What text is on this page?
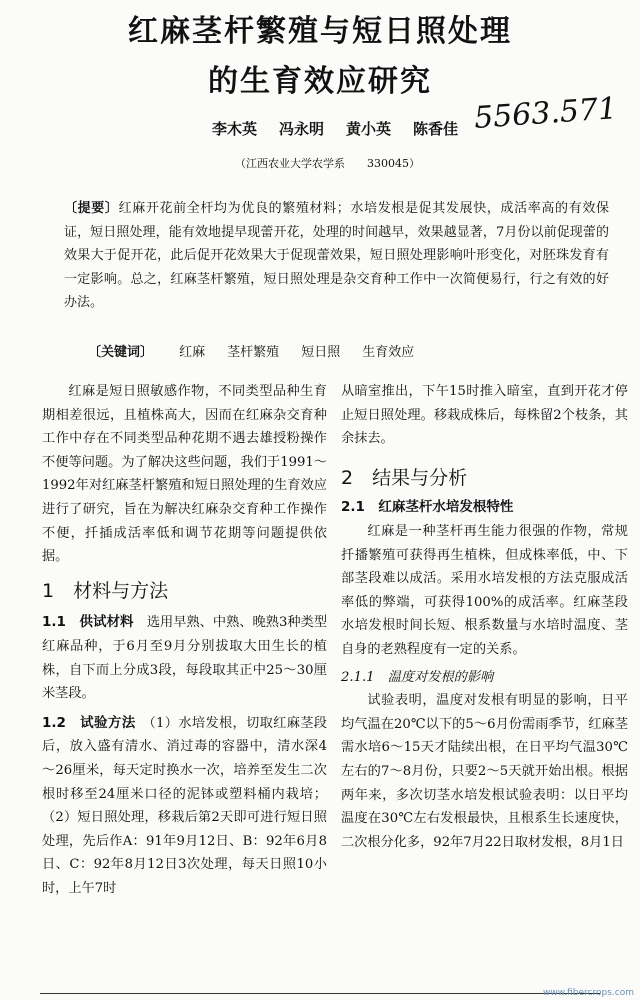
红麻茎杆繁殖与短日照处理
的生育效应研究
李木英 冯永明 黄小英 陈香佳 5563.571
（江西农业大学农学系　　330045）
〔提要〕红麻开花前全杆均为优良的繁殖材料；水培发根是促其发展快，成活率高的有效保证，短日照处理，能有效地提早现蕾开花，处理的时间越早，效果越显著，7月份以前促现蕾的效果大于促开花，此后促开花效果大于促现蕾效果，短日照处理影响叶形变化，对胚珠发育有一定影响。总之，红麻茎杆繁殖，短日照处理是杂交育种工作中一次简便易行，行之有效的好办法。
〔关键词〕 红麻 茎杆繁殖 短日照 生育效应
红麻是短日照敏感作物，不同类型品种生育期相差很远，且植株高大，因而在红麻杂交育种工作中存在不同类型品种花期不遇去雄授粉操作不便等问题。为了解决这些问题，我们于1991～1992年对红麻茎杆繁殖和短日照处理的生育效应进行了研究，旨在为解决红麻杂交育种工作操作不便，扦插成活率低和调节花期等问题提供依据。
1　材料与方法
1.1　供试材料　 选用早熟、中熟、晚熟3种类型红麻品种，于6月至9月分别拔取大田生长的植株，自下而上分成3段，每段取其正中25～30厘米茎段。
1.2　试验方法　 （1）水培发根，切取红麻茎段后，放入盛有清水、消过毒的容器中，清水深4～26厘米，每天定时换水一次，培养至发生二次根时移至24厘米口径的泥钵或塑料桶内栽培；（2）短日照处理，移栽后第2天即可进行短日照处理，先后作A：91年9月12日、B：92年6月8日、C：92年8月12日3次处理，每天日照10小时，上午7时
从暗室推出，下午15时推入暗室，直到开花才停止短日照处理。移栽成株后，每株留2个枝条，其余抹去。
2　结果与分析
2.1　红麻茎杆水培发根特性
红麻是一种茎杆再生能力很强的作物，常规扦播繁殖可获得再生植株，但成株率低，中、下部茎段难以成活。采用水培发根的方法克服成活率低的弊端，可获得100%的成活率。红麻茎段水培发根时间长短、根系数量与水培时温度、茎自身的老熟程度有一定的关系。
2.1.1　温度对发根的影响
试验表明，温度对发根有明显的影响，日平均气温在20℃以下的5～6月份需雨季节，红麻茎需水培6～15天才陆续出根，在日平均气温30℃左右的7～8月份，只要2～5天就开始出根。根据两年来，多次切茎水培发根试验表明：以日平均温度在30℃左右发根最快，且根系生长速度快，二次根分化多，92年7月22日取材发根，8月1日
www.fibercrops.com
